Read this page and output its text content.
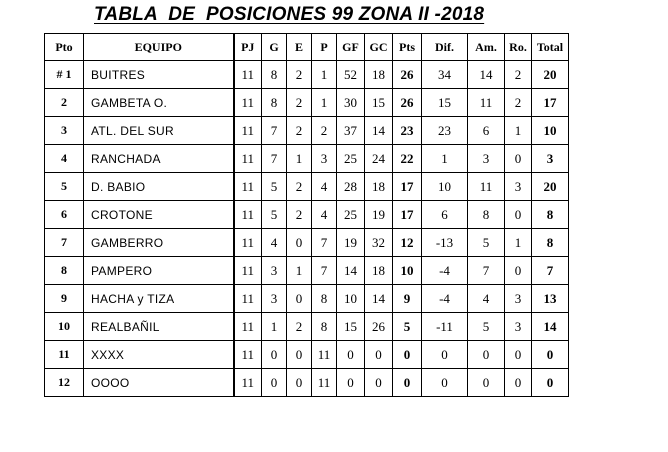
TABLA  DE  POSICIONES 99 ZONA II -2018
Pto	EQUIPO	PJ	G	E	P	GF	GC	Pts	Dif.	Am.	Ro.	Total
# 1	BUITRES	11	8	2	1	52	18	26	34	14	2	20
2	GAMBETA O.	11	8	2	1	30	15	26	15	11	2	17
3	ATL. DEL SUR	11	7	2	2	37	14	23	23	6	1	10
4	RANCHADA	11	7	1	3	25	24	22	1	3	0	3
5	D. BABIO	11	5	2	4	28	18	17	10	11	3	20
6	CROTONE	11	5	2	4	25	19	17	6	8	0	8
7	GAMBERRO	11	4	0	7	19	32	12	-13	5	1	8
8	PAMPERO	11	3	1	7	14	18	10	-4	7	0	7
9	HACHA y TIZA	11	3	0	8	10	14	9	-4	4	3	13
10	REALBAÑIL	11	1	2	8	15	26	5	-11	5	3	14
11	XXXX	11	0	0	11	0	0	0	0	0	0	0
12	OOOO	11	0	0	11	0	0	0	0	0	0	0
